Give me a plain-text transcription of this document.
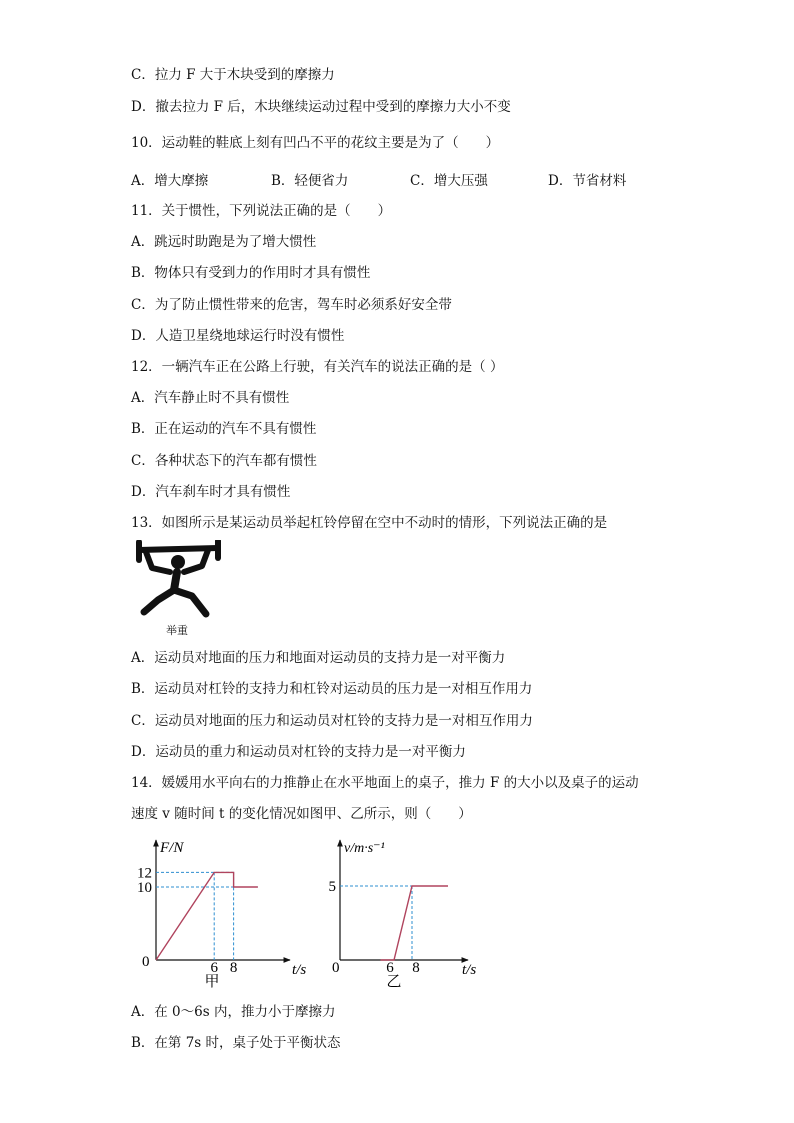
C．拉力 F 大于木块受到的摩擦力
D．撤去拉力 F 后，木块继续运动过程中受到的摩擦力大小不变
10．运动鞋的鞋底上刻有凹凸不平的花纹主要是为了（　　）
A．增大摩擦	B．轻便省力	C．增大压强	D．节省材料
11．关于惯性，下列说法正确的是（　　）
A．跳远时助跑是为了增大惯性
B．物体只有受到力的作用时才具有惯性
C．为了防止惯性带来的危害，驾车时必须系好安全带
D．人造卫星绕地球运行时没有惯性
12．一辆汽车正在公路上行驶，有关汽车的说法正确的是（ ）
A．汽车静止时不具有惯性
B．正在运动的汽车不具有惯性
C．各种状态下的汽车都有惯性
D．汽车刹车时才具有惯性
13．如图所示是某运动员举起杠铃停留在空中不动时的情形，下列说法正确的是
举重
A．运动员对地面的压力和地面对运动员的支持力是一对平衡力
B．运动员对杠铃的支持力和杠铃对运动员的压力是一对相互作用力
C．运动员对地面的压力和运动员对杠铃的支持力是一对相互作用力
D．运动员的重力和运动员对杠铃的支持力是一对平衡力
14．媛媛用水平向右的力推静止在水平地面上的桌子，推力 F 的大小以及桌子的运动
速度 v 随时间 t 的变化情况如图甲、乙所示，则（　　）
F/N
t/s
0	6 8
12
10
甲
v/m·s⁻¹
t/s
0	6 8
5
乙
A．在 0～6s 内，推力小于摩擦力
B．在第 7s 时，桌子处于平衡状态
